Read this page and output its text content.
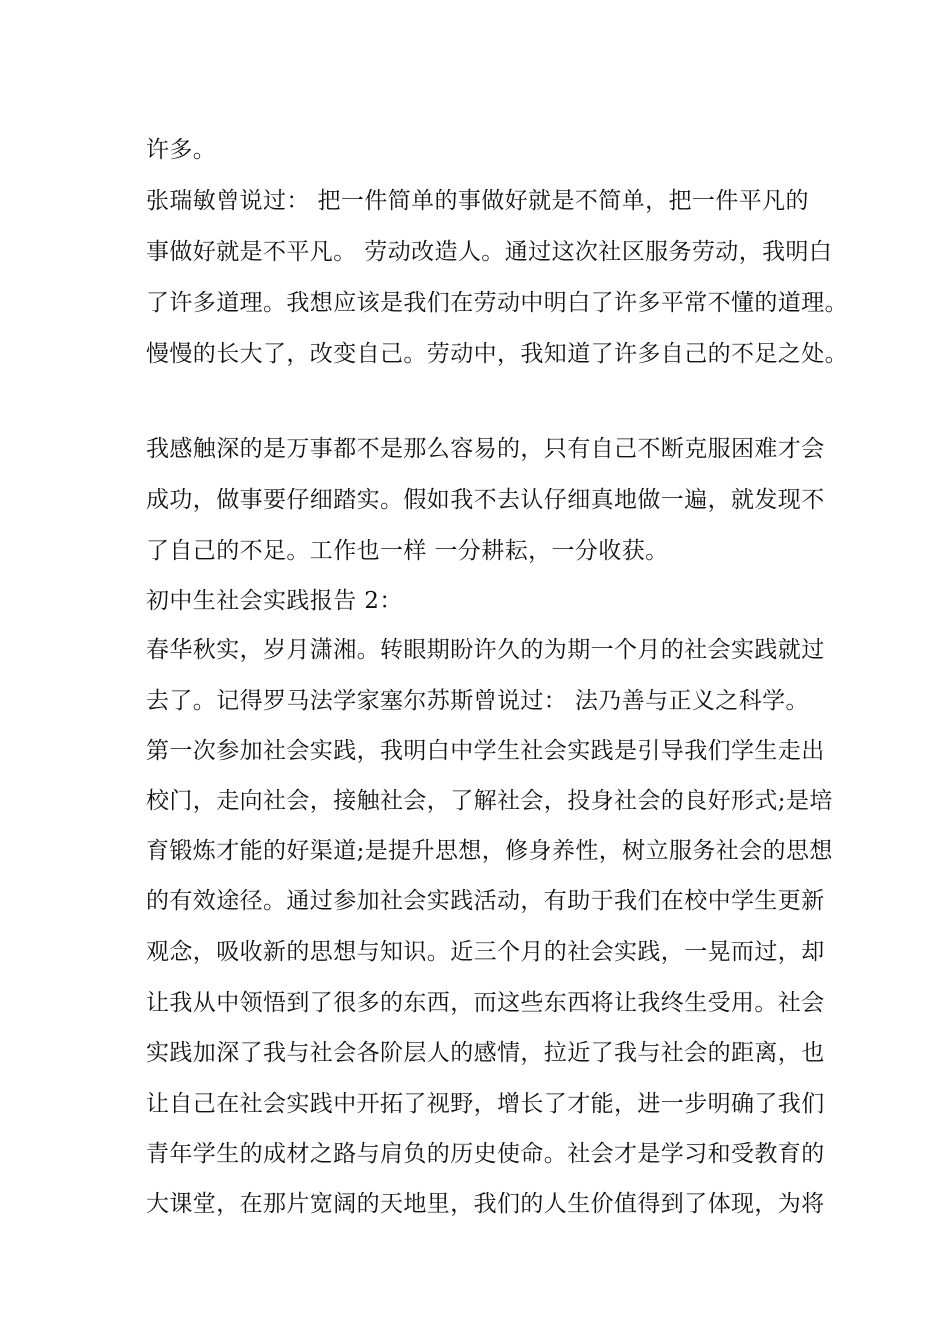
许多。
张瑞敏曾说过： 把一件简单的事做好就是不简单，把一件平凡的
事做好就是不平凡。 劳动改造人。通过这次社区服务劳动，我明白
了许多道理。我想应该是我们在劳动中明白了许多平常不懂的道理。
慢慢的长大了，改变自己。劳动中，我知道了许多自己的不足之处。
我感触深的是万事都不是那么容易的，只有自己不断克服困难才会
成功，做事要仔细踏实。假如我不去认仔细真地做一遍，就发现不
了自己的不足。工作也一样 一分耕耘，一分收获。
初中生社会实践报告 2：
春华秋实，岁月潇湘。转眼期盼许久的为期一个月的社会实践就过
去了。记得罗马法学家塞尔苏斯曾说过： 法乃善与正义之科学。
第一次参加社会实践，我明白中学生社会实践是引导我们学生走出
校门，走向社会，接触社会，了解社会，投身社会的良好形式;是培
育锻炼才能的好渠道;是提升思想，修身养性，树立服务社会的思想
的有效途径。通过参加社会实践活动，有助于我们在校中学生更新
观念，吸收新的思想与知识。近三个月的社会实践，一晃而过，却
让我从中领悟到了很多的东西，而这些东西将让我终生受用。社会
实践加深了我与社会各阶层人的感情，拉近了我与社会的距离，也
让自己在社会实践中开拓了视野，增长了才能，进一步明确了我们
青年学生的成材之路与肩负的历史使命。社会才是学习和受教育的
大课堂，在那片宽阔的天地里，我们的人生价值得到了体现，为将
